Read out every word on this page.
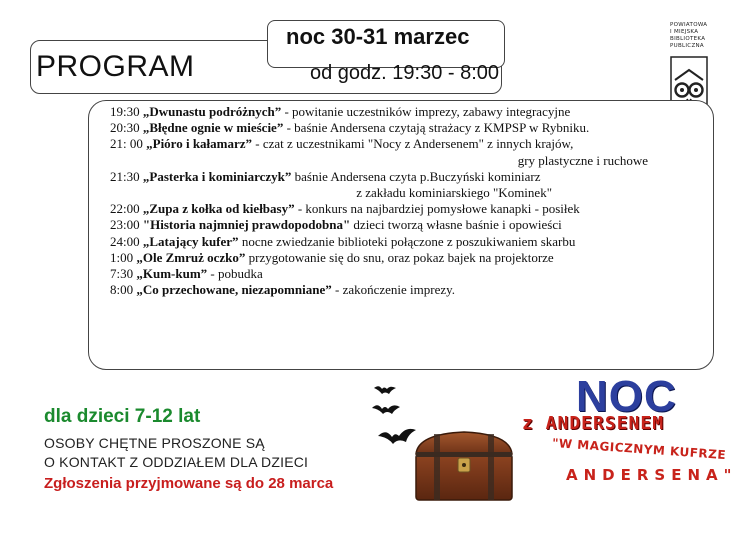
PROGRAM
noc 30-31 marzec
od godz. 19:30 - 8:00
POWIATOWA
I MIEJSKA
BIBLIOTEKA
PUBLICZNA
19:30 „Dwunastu podróżnych” - powitanie uczestników imprezy, zabawy integracyjne
20:30 „Błędne ognie w mieście” - baśnie Andersena czytają strażacy z KMPSP w Rybniku.
21: 00 „Pióro i kałamarz” - czat z uczestnikami "Nocy z Andersenem" z innych krajów,
gry plastyczne i ruchowe
21:30 „Pasterka i kominiarczyk” baśnie Andersena czyta p.Buczyński kominiarz
z zakładu kominiarskiego "Kominek"
22:00 „Zupa z kołka od kiełbasy” - konkurs na najbardziej pomysłowe kanapki - posiłek
23:00 "Historia najmniej prawdopodobna" dzieci tworzą własne baśnie i opowieści
24:00 „Latający kufer” nocne zwiedzanie biblioteki połączone z poszukiwaniem skarbu
1:00 „Ole Zmruż oczko” przygotowanie się do snu, oraz pokaz bajek na projektorze
7:30 „Kum-kum” - pobudka
8:00 „Co przechowane, niezapomniane” - zakończenie imprezy.
dla dzieci 7-12 lat
OSOBY CHĘTNE PROSZONE SĄ
O KONTAKT Z ODDZIAŁEM DLA DZIECI
Zgłoszenia przyjmowane są do 28 marca
NOC
z ANDERSENEM
"W MAGICZNYM KUFRZE
ANDERSENA"
